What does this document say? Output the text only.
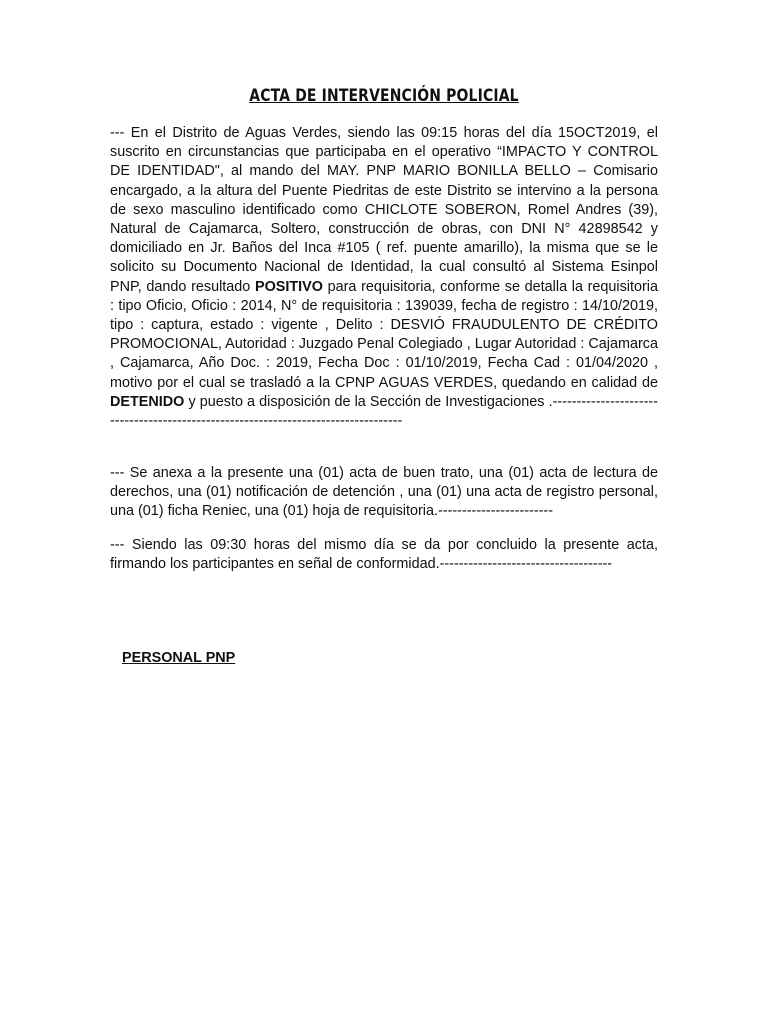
ACTA DE INTERVENCIÓN POLICIAL

--- En el Distrito de Aguas Verdes, siendo las 09:15 horas del día 15OCT2019, el suscrito en circunstancias que participaba en el operativo “IMPACTO Y CONTROL DE IDENTIDAD", al mando del MAY. PNP MARIO BONILLA BELLO – Comisario encargado, a la altura del Puente Piedritas de este Distrito se intervino a la persona de sexo masculino identificado como CHICLOTE SOBERON, Romel Andres (39), Natural de Cajamarca, Soltero, construcción de obras, con DNI N° 42898542 y domiciliado en Jr. Baños del Inca #105 ( ref. puente amarillo), la misma que se le solicito su Documento Nacional de Identidad, la cual consultó al Sistema Esinpol PNP, dando resultado POSITIVO para requisitoria, conforme se detalla la requisitoria : tipo Oficio, Oficio : 2014, N° de requisitoria : 139039, fecha de registro : 14/10/2019, tipo : captura, estado : vigente , Delito : DESVIÓ FRAUDULENTO DE CRÉDITO PROMOCIONAL, Autoridad : Juzgado Penal Colegiado , Lugar Autoridad : Cajamarca , Cajamarca, Año Doc. : 2019, Fecha Doc : 01/10/2019, Fecha Cad : 01/04/2020 , motivo por el cual se trasladó a la CPNP AGUAS VERDES, quedando en calidad de DETENIDO y puesto a disposición de la Sección de Investigaciones .-----------------------------------------------------------------------------------

--- Se anexa a la presente una (01) acta de buen trato, una (01) acta de lectura de derechos, una (01) notificación de detención , una (01) una acta de registro personal, una (01) ficha Reniec, una (01) hoja de requisitoria.------------------------

--- Siendo las 09:30 horas del mismo día se da por concluido la presente acta, firmando los participantes en señal de conformidad.------------------------------------

PERSONAL PNP
